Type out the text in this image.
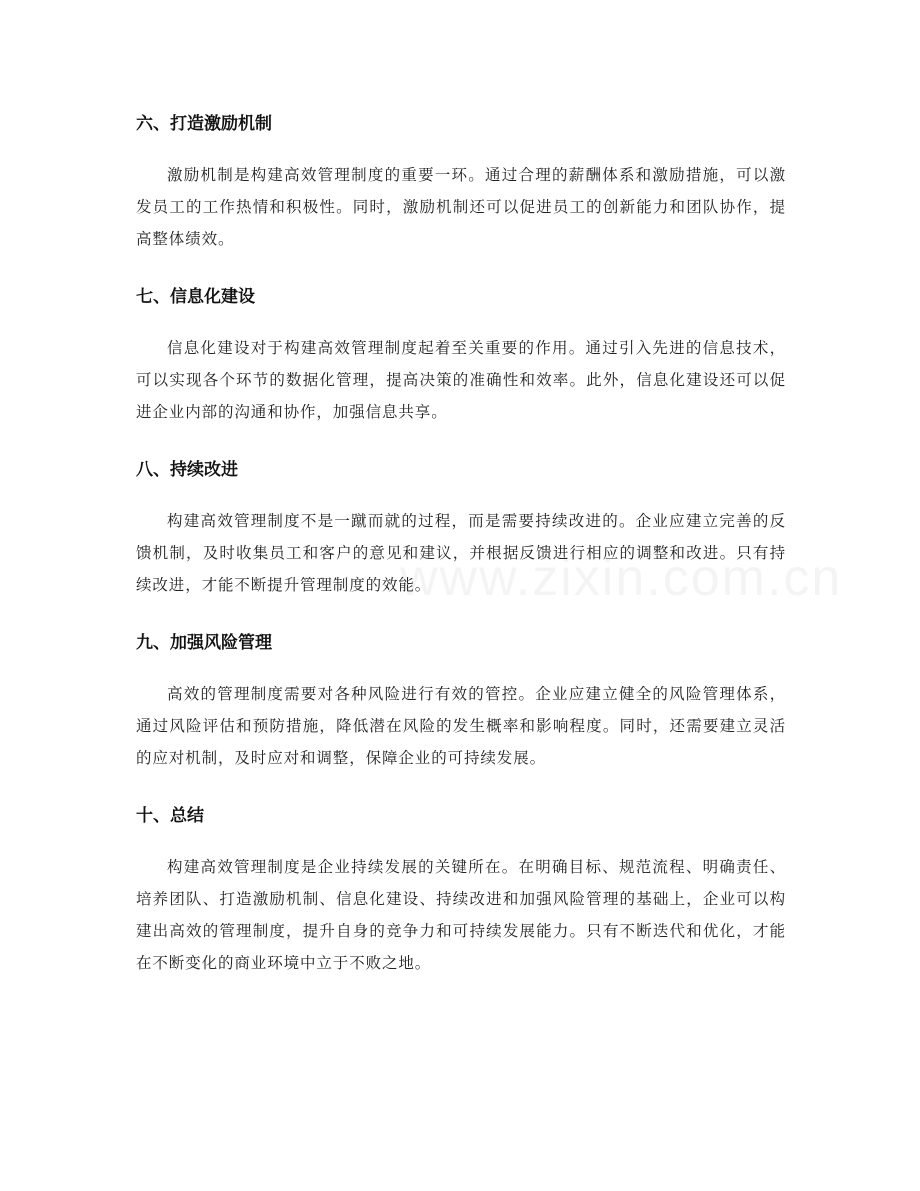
六、打造激励机制

激励机制是构建高效管理制度的重要一环。通过合理的薪酬体系和激励措施，可以激发员工的工作热情和积极性。同时，激励机制还可以促进员工的创新能力和团队协作，提高整体绩效。

七、信息化建设

信息化建设对于构建高效管理制度起着至关重要的作用。通过引入先进的信息技术，可以实现各个环节的数据化管理，提高决策的准确性和效率。此外，信息化建设还可以促进企业内部的沟通和协作，加强信息共享。

八、持续改进

构建高效管理制度不是一蹴而就的过程，而是需要持续改进的。企业应建立完善的反馈机制，及时收集员工和客户的意见和建议，并根据反馈进行相应的调整和改进。只有持续改进，才能不断提升管理制度的效能。

九、加强风险管理

高效的管理制度需要对各种风险进行有效的管控。企业应建立健全的风险管理体系，通过风险评估和预防措施，降低潜在风险的发生概率和影响程度。同时，还需要建立灵活的应对机制，及时应对和调整，保障企业的可持续发展。

十、总结

构建高效管理制度是企业持续发展的关键所在。在明确目标、规范流程、明确责任、培养团队、打造激励机制、信息化建设、持续改进和加强风险管理的基础上，企业可以构建出高效的管理制度，提升自身的竞争力和可持续发展能力。只有不断迭代和优化，才能在不断变化的商业环境中立于不败之地。
